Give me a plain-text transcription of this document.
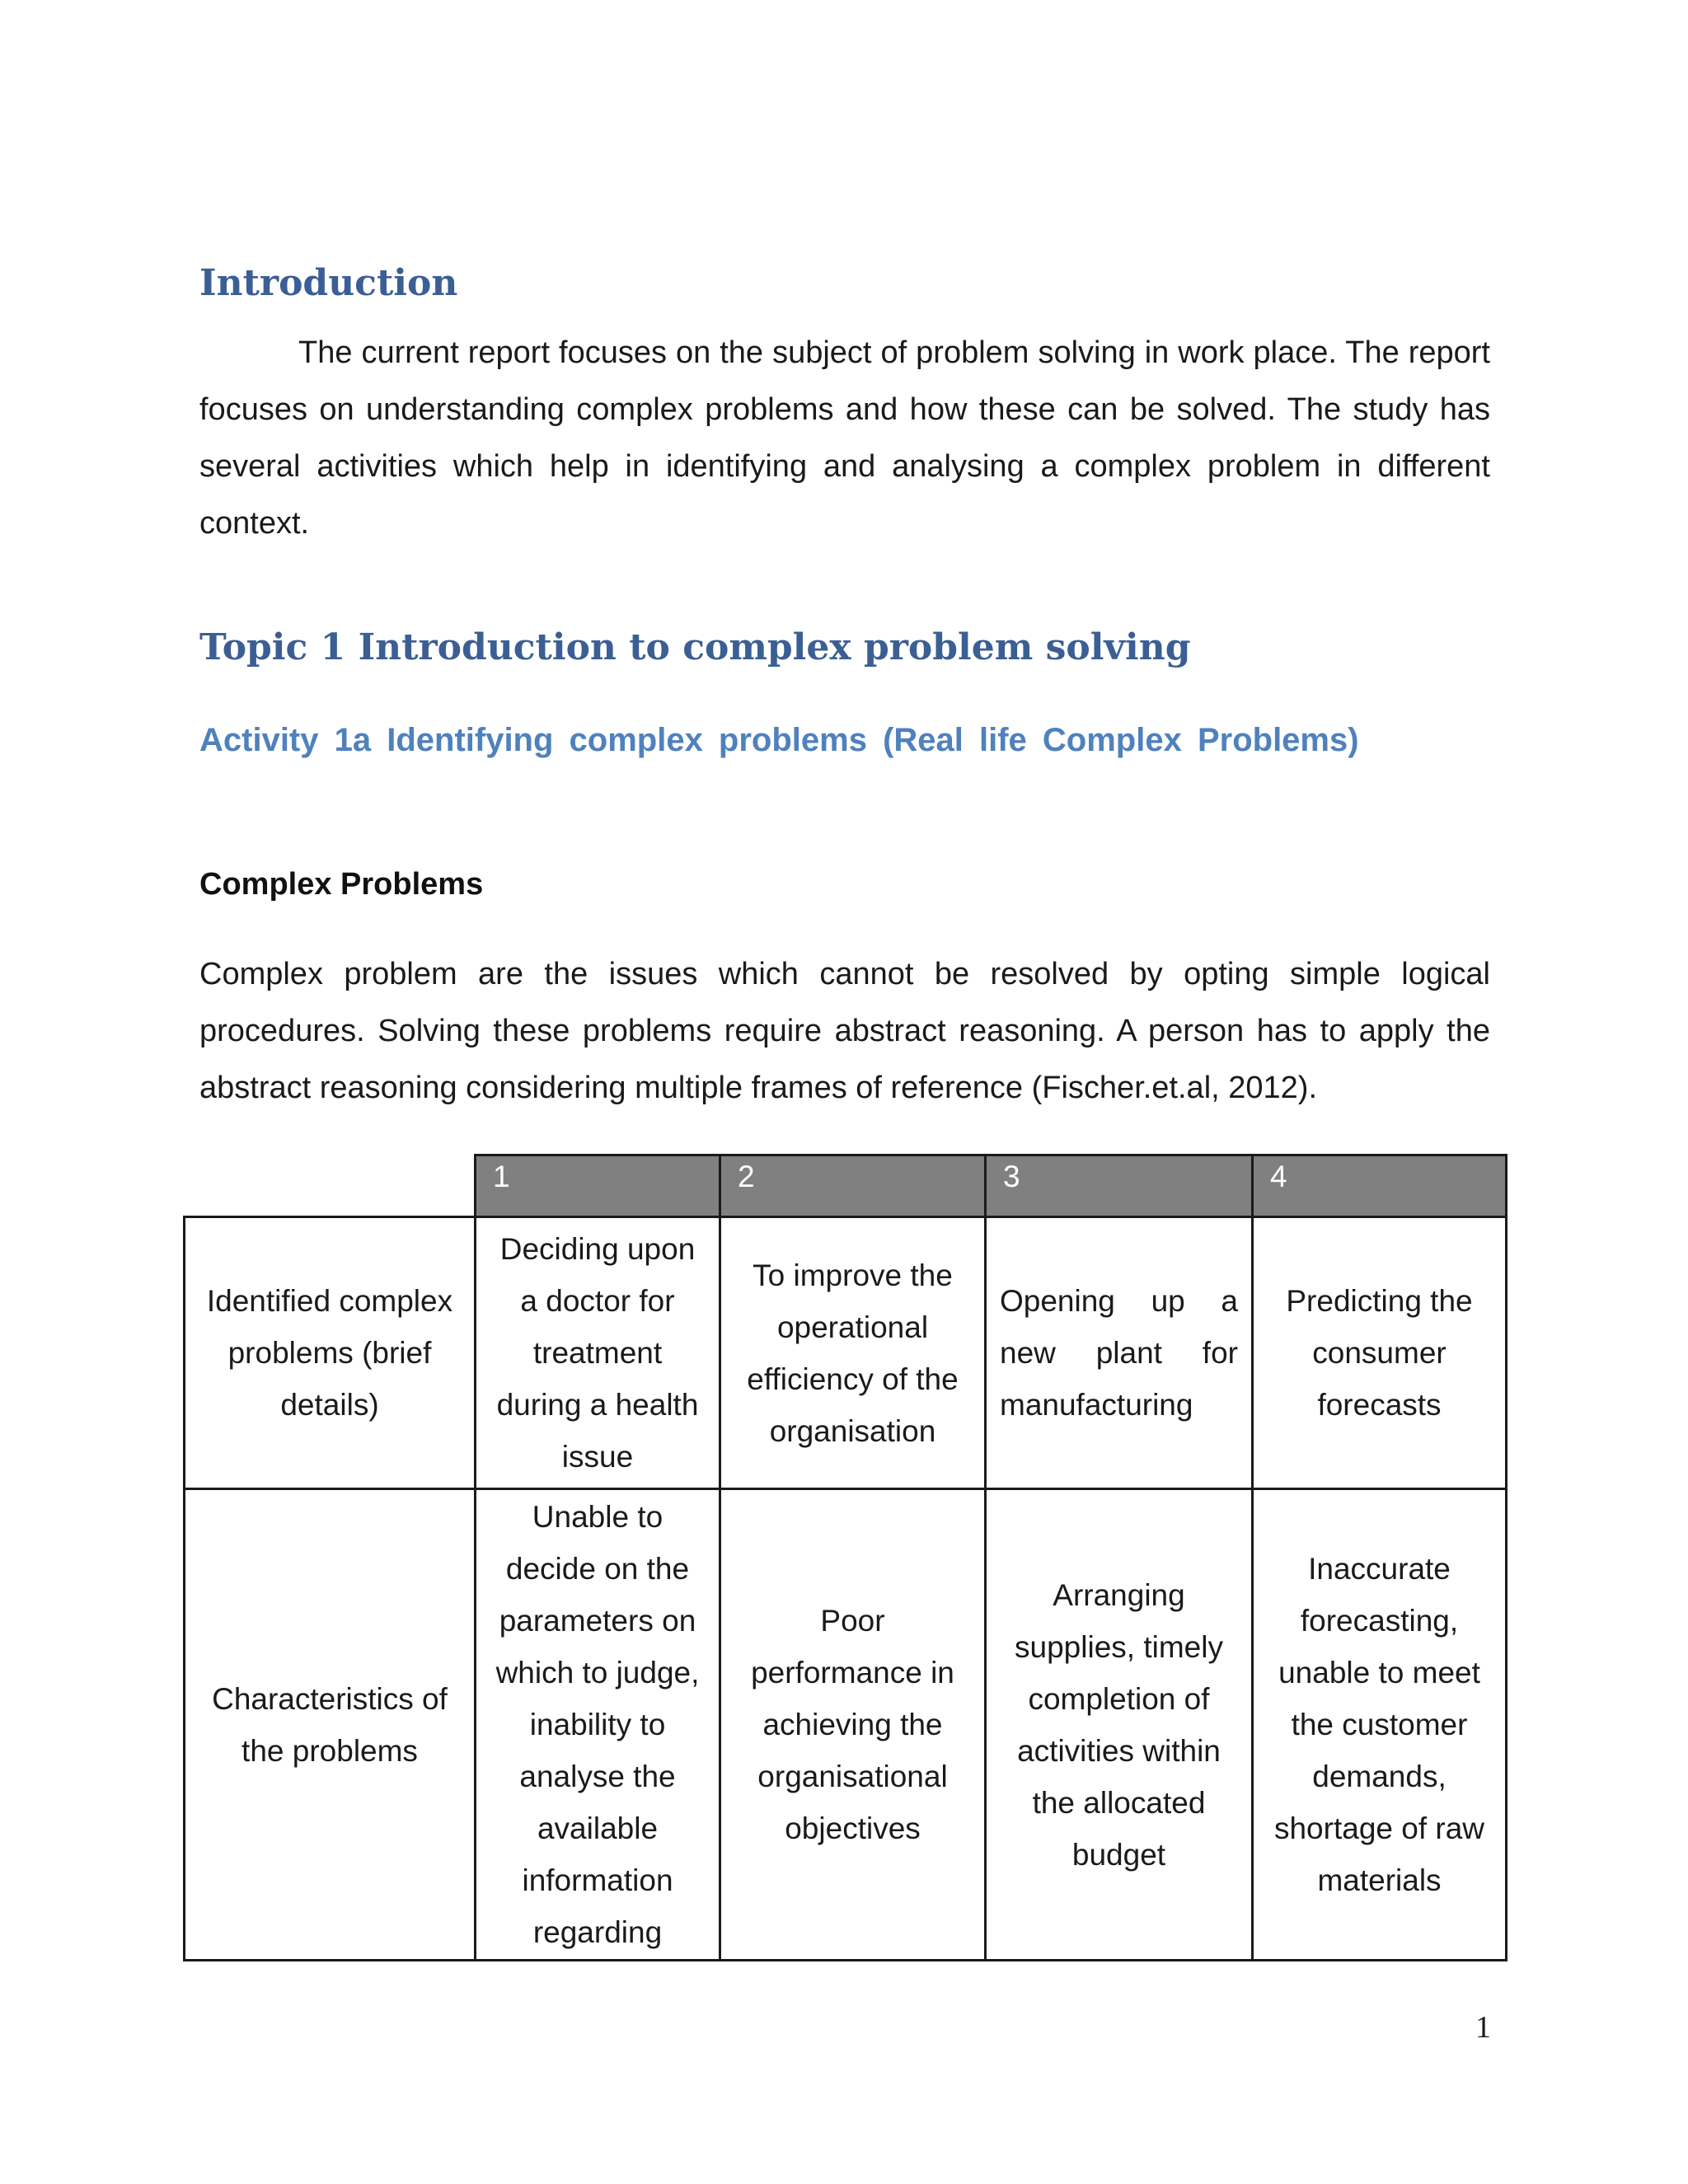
Introduction

The current report focuses on the subject of problem solving in work place. The report focuses on understanding complex problems and how these can be solved. The study has several activities which help in identifying and analysing a complex problem in different context.

Topic 1 Introduction to complex problem solving
Activity 1a Identifying complex problems (Real life Complex Problems)
Complex Problems

Complex problem are the issues which cannot be resolved by opting simple logical procedures. Solving these problems require abstract reasoning. A person has to apply the abstract reasoning considering multiple frames of reference (Fischer.et.al, 2012).

	1	2	3	4
Identified complex problems (brief details)	Deciding upon a doctor for treatment during a health issue	To improve the operational efficiency of the organisation	Opening up a new plant for manufacturing	Predicting the consumer forecasts
Characteristics of the problems	Unable to decide on the parameters on which to judge, inability to analyse the available information regarding	Poor performance in achieving the organisational objectives	Arranging supplies, timely completion of activities within the allocated budget	Inaccurate forecasting, unable to meet the customer demands, shortage of raw materials
1
